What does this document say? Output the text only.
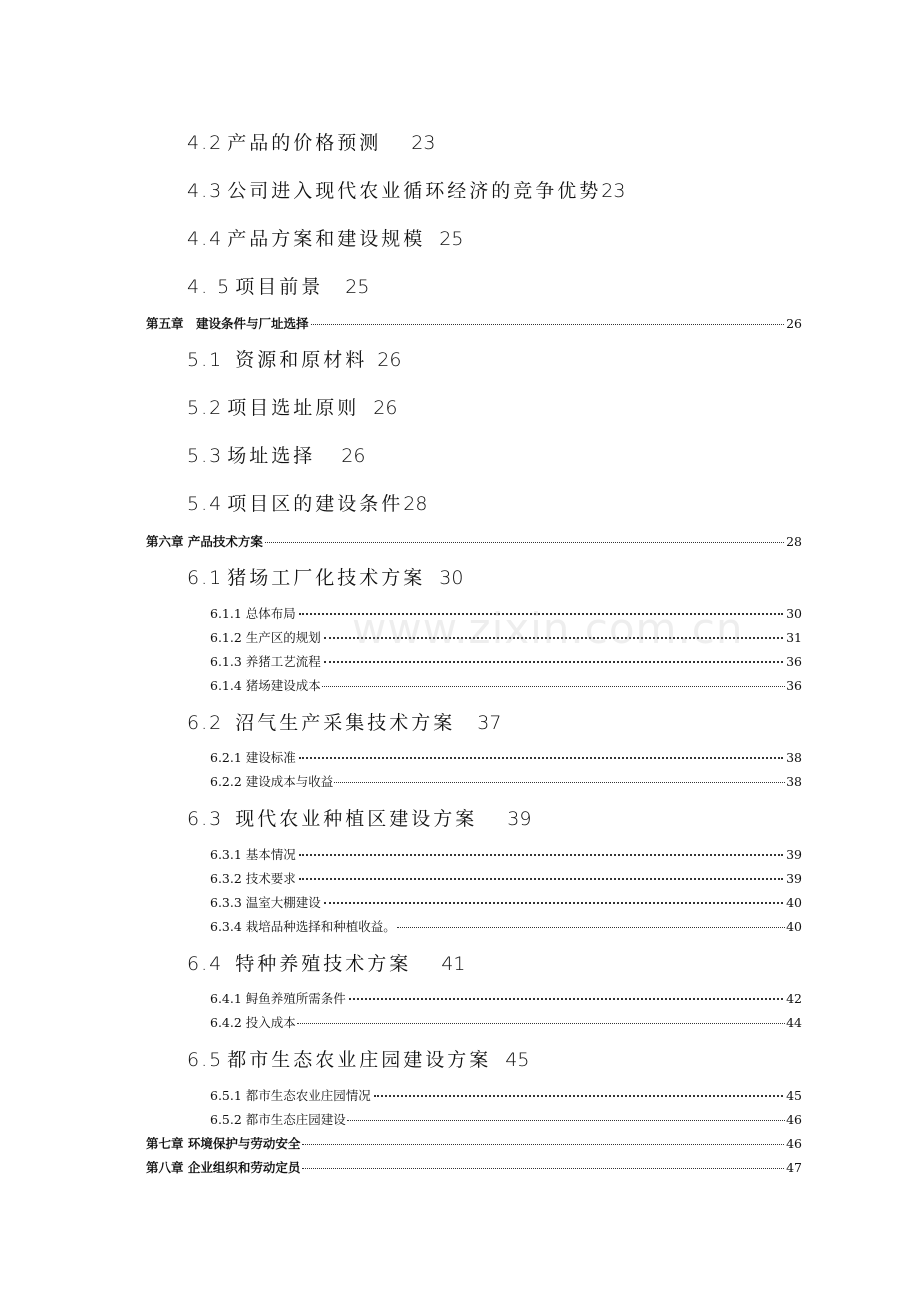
4.2 产品的价格预测 23
4.3 公司进入现代农业循环经济的竞争优势 23
4.4 产品方案和建设规模 25
4. 5 项目前景 25
第五章　建设条件与厂址选择	26
5.1 资源和原材料 26
5.2 项目选址原则 26
5.3 场址选择 26
5.4 项目区的建设条件 28
第六章 产品技术方案	28
6.1 猪场工厂化技术方案 30
6.1.1 总体布局	30
6.1.2 生产区的规划	31
6.1.3 养猪工艺流程	36
6.1.4 猪场建设成本	36
6.2 沼气生产采集技术方案 37
6.2.1 建设标准	38
6.2.2 建设成本与收益	38
6.3 现代农业种植区建设方案 39
6.3.1 基本情况	39
6.3.2 技术要求	39
6.3.3 温室大棚建设	40
6.3.4 栽培品种选择和种植收益。	40
6.4 特种养殖技术方案 41
6.4.1 鲟鱼养殖所需条件	42
6.4.2 投入成本	44
6.5 都市生态农业庄园建设方案 45
6.5.1 都市生态农业庄园情况	45
6.5.2 都市生态庄园建设	46
第七章 环境保护与劳动安全	46
第八章 企业组织和劳动定员	47
www.zixin.com.cn
